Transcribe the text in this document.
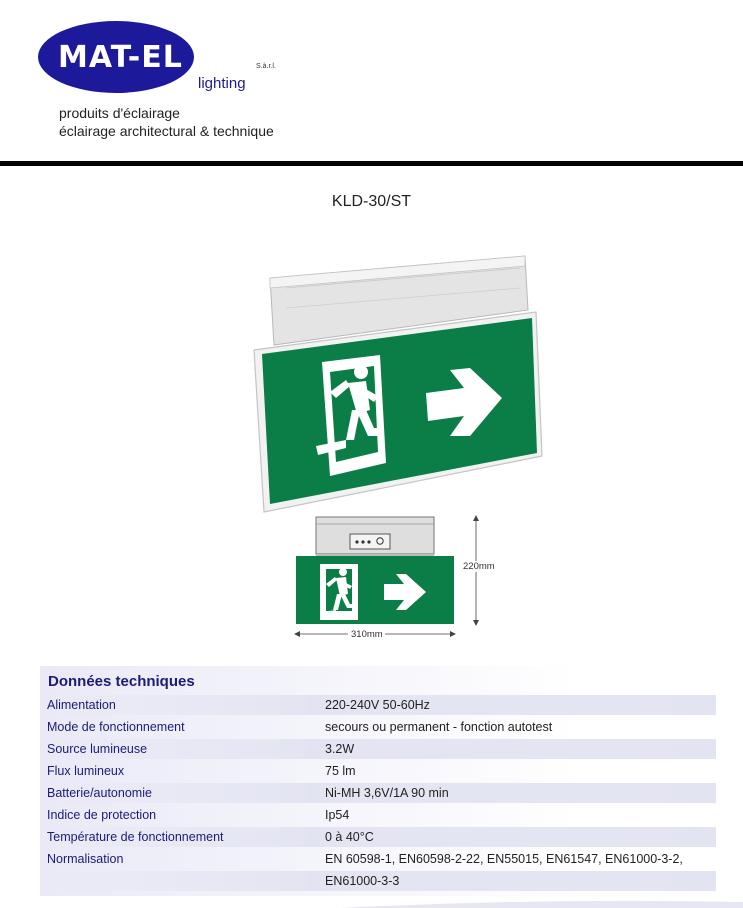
MAT-EL	S.à.r.l.
lighting
produits d'éclairage
éclairage architectural & technique
KLD-30/ST
220mm
310mm
Données techniques
Alimentation	220-240V 50-60Hz
Mode de fonctionnement	secours ou permanent - fonction autotest
Source lumineuse	3.2W
Flux lumineux	75 lm
Batterie/autonomie	Ni-MH 3,6V/1A 90 min
Indice de protection	Ip54
Température de fonctionnement	0 à 40°C
Normalisation	EN 60598-1, EN60598-2-22, EN55015, EN61547, EN61000-3-2,
EN61000-3-3
